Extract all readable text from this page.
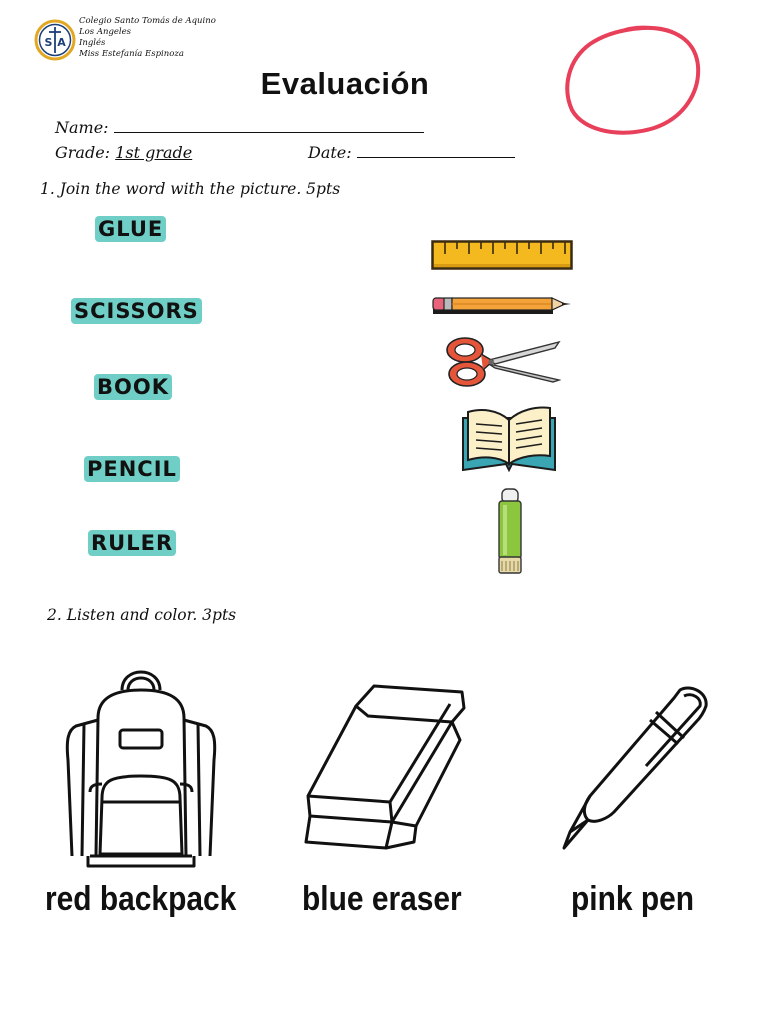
S A
Colegio Santo Tomás de Aquino
Los Angeles
Inglés
Miss Estefanía Espinoza
Evaluación
Name:
Grade: 1st grade	Date:
1. Join the word with the picture. 5pts
GLUE
SCISSORS
BOOK
PENCIL
RULER
2. Listen and color. 3pts
red backpack blue eraser	pink pen
